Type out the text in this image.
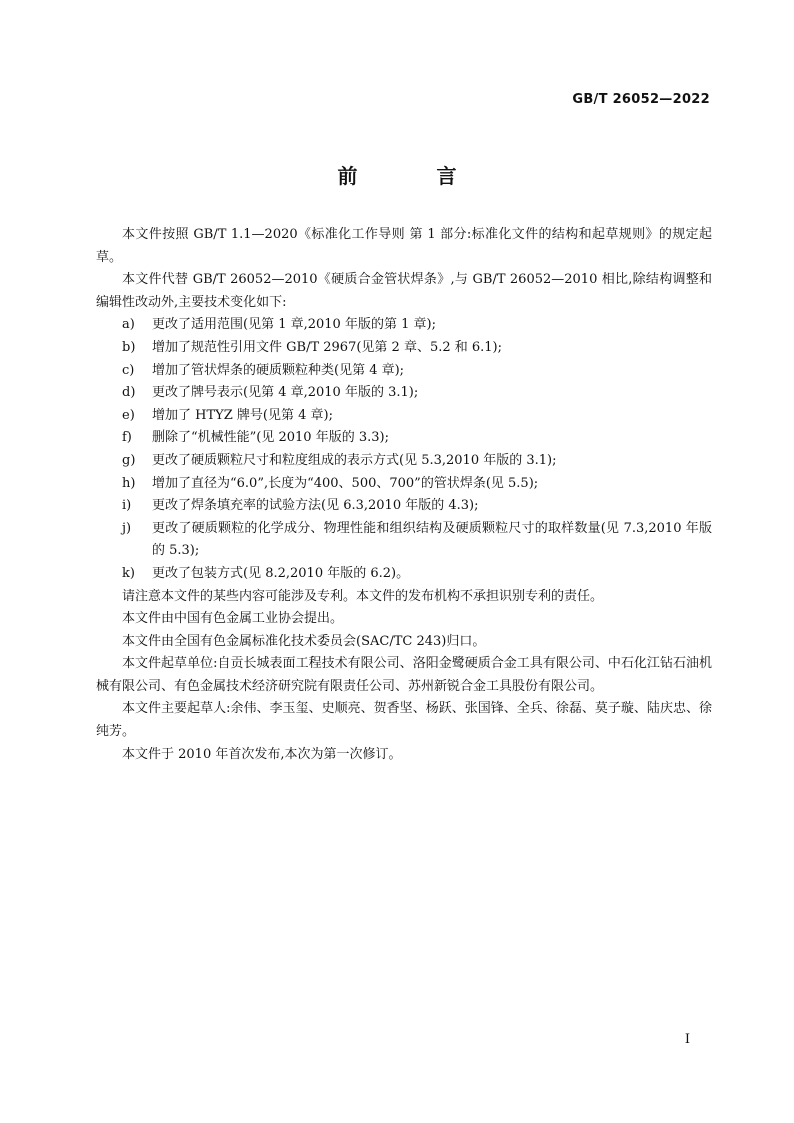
GB/T 26052—2022
前 言

本文件按照 GB/T 1.1—2020《标准化工作导则 第 1 部分:标准化文件的结构和起草规则》的规定起草。

本文件代替 GB/T 26052—2010《硬质合金管状焊条》,与 GB/T 26052—2010 相比,除结构调整和编辑性改动外,主要技术变化如下:

a)	更改了适用范围(见第 1 章,2010 年版的第 1 章);
b)	增加了规范性引用文件 GB/T 2967(见第 2 章、5.2 和 6.1);
c)	增加了管状焊条的硬质颗粒种类(见第 4 章);
d)	更改了牌号表示(见第 4 章,2010 年版的 3.1);
e)	增加了 HTYZ 牌号(见第 4 章);
f)	删除了“机械性能”(见 2010 年版的 3.3);
g)	更改了硬质颗粒尺寸和粒度组成的表示方式(见 5.3,2010 年版的 3.1);
h)	增加了直径为“6.0”,长度为“400、500、700”的管状焊条(见 5.5);
i)	更改了焊条填充率的试验方法(见 6.3,2010 年版的 4.3);
j)	更改了硬质颗粒的化学成分、物理性能和组织结构及硬质颗粒尺寸的取样数量(见 7.3,2010 年版的 5.3);
k)	更改了包装方式(见 8.2,2010 年版的 6.2)。

请注意本文件的某些内容可能涉及专利。本文件的发布机构不承担识别专利的责任。

本文件由中国有色金属工业协会提出。

本文件由全国有色金属标准化技术委员会(SAC/TC 243)归口。

本文件起草单位:自贡长城表面工程技术有限公司、洛阳金鹭硬质合金工具有限公司、中石化江钻石油机械有限公司、有色金属技术经济研究院有限责任公司、苏州新锐合金工具股份有限公司。

本文件主要起草人:余伟、李玉玺、史顺亮、贺香坚、杨跃、张国锋、全兵、徐磊、莫子璇、陆庆忠、徐纯芳。

本文件于 2010 年首次发布,本次为第一次修订。

I
